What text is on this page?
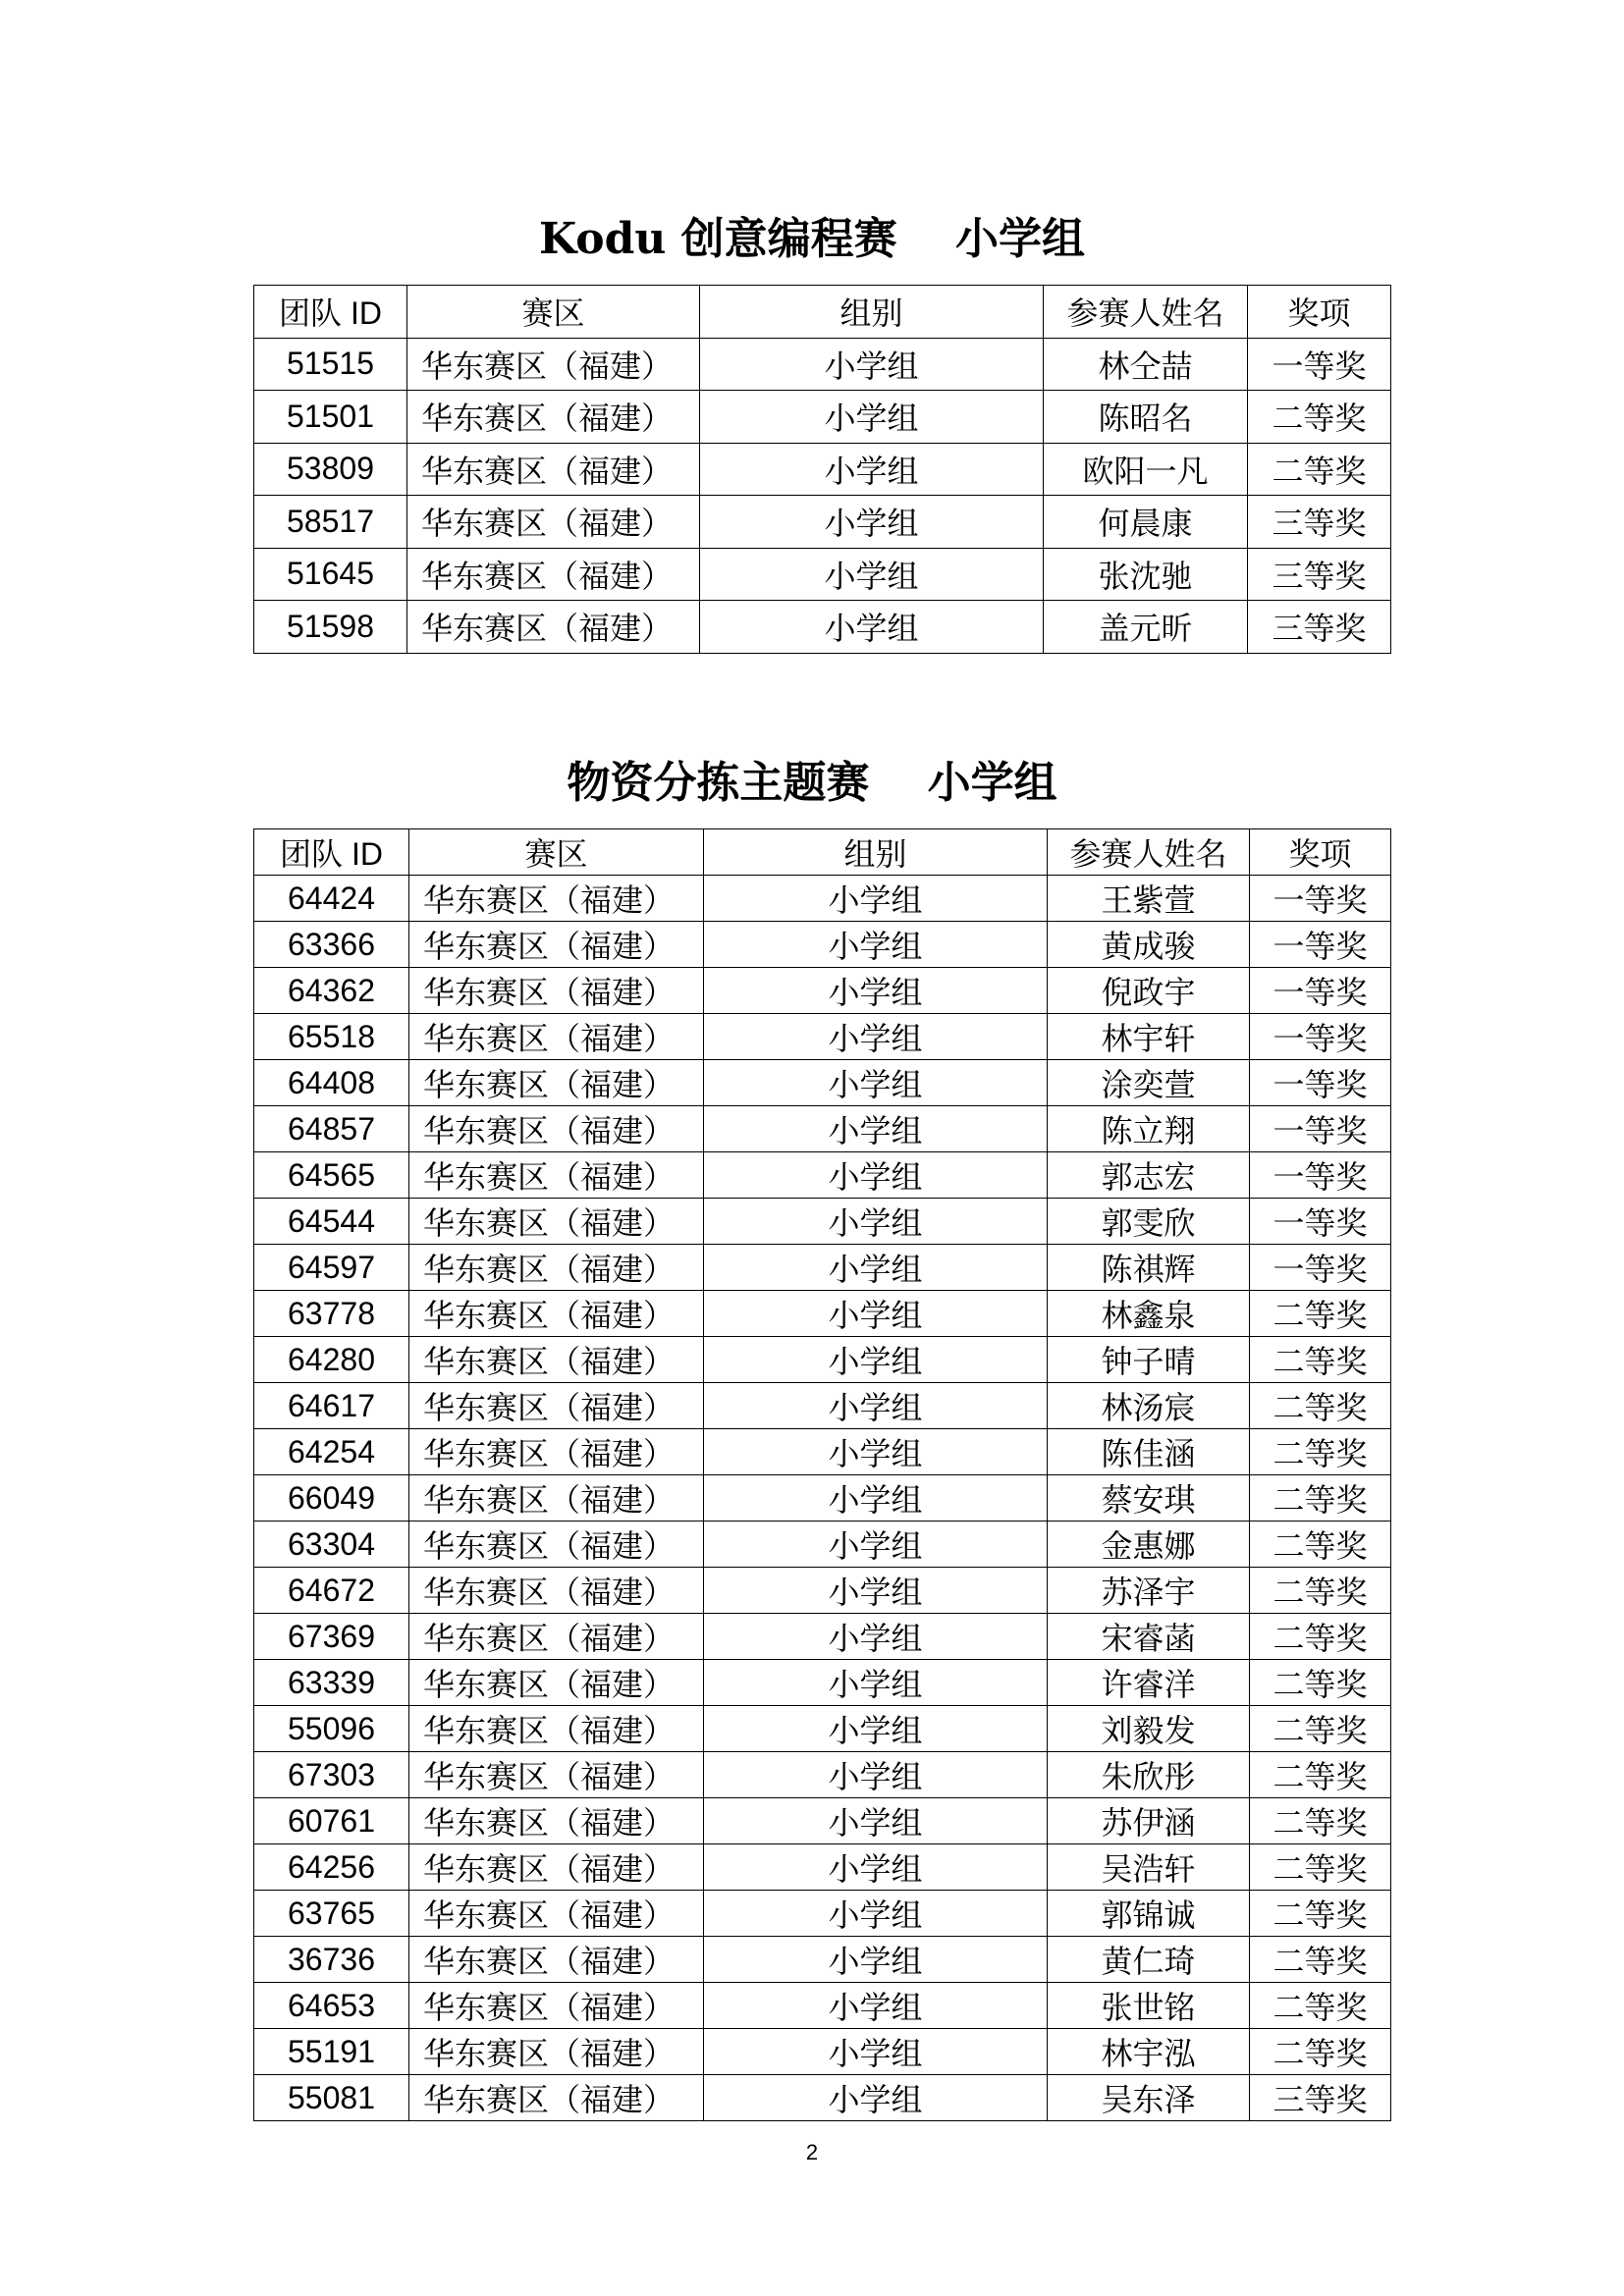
Kodu 创意编程赛　 小学组
团队 ID	赛区	组别	参赛人姓名	奖项
51515	华东赛区（福建）	小学组	林仝喆	一等奖
51501	华东赛区（福建）	小学组	陈昭名	二等奖
53809	华东赛区（福建）	小学组	欧阳一凡	二等奖
58517	华东赛区（福建）	小学组	何晨康	三等奖
51645	华东赛区（福建）	小学组	张沈驰	三等奖
51598	华东赛区（福建）	小学组	盖元昕	三等奖
物资分拣主题赛　 小学组
团队 ID	赛区	组别	参赛人姓名	奖项
64424	华东赛区（福建）	小学组	王紫萱	一等奖
63366	华东赛区（福建）	小学组	黄成骏	一等奖
64362	华东赛区（福建）	小学组	倪政宇	一等奖
65518	华东赛区（福建）	小学组	林宇轩	一等奖
64408	华东赛区（福建）	小学组	涂奕萱	一等奖
64857	华东赛区（福建）	小学组	陈立翔	一等奖
64565	华东赛区（福建）	小学组	郭志宏	一等奖
64544	华东赛区（福建）	小学组	郭雯欣	一等奖
64597	华东赛区（福建）	小学组	陈祺辉	一等奖
63778	华东赛区（福建）	小学组	林鑫泉	二等奖
64280	华东赛区（福建）	小学组	钟子晴	二等奖
64617	华东赛区（福建）	小学组	林汤宸	二等奖
64254	华东赛区（福建）	小学组	陈佳涵	二等奖
66049	华东赛区（福建）	小学组	蔡安琪	二等奖
63304	华东赛区（福建）	小学组	金惠娜	二等奖
64672	华东赛区（福建）	小学组	苏泽宇	二等奖
67369	华东赛区（福建）	小学组	宋睿菡	二等奖
63339	华东赛区（福建）	小学组	许睿洋	二等奖
55096	华东赛区（福建）	小学组	刘毅发	二等奖
67303	华东赛区（福建）	小学组	朱欣彤	二等奖
60761	华东赛区（福建）	小学组	苏伊涵	二等奖
64256	华东赛区（福建）	小学组	吴浩轩	二等奖
63765	华东赛区（福建）	小学组	郭锦诚	二等奖
36736	华东赛区（福建）	小学组	黄仁琦	二等奖
64653	华东赛区（福建）	小学组	张世铭	二等奖
55191	华东赛区（福建）	小学组	林宇泓	二等奖
55081	华东赛区（福建）	小学组	吴东泽	三等奖
2
